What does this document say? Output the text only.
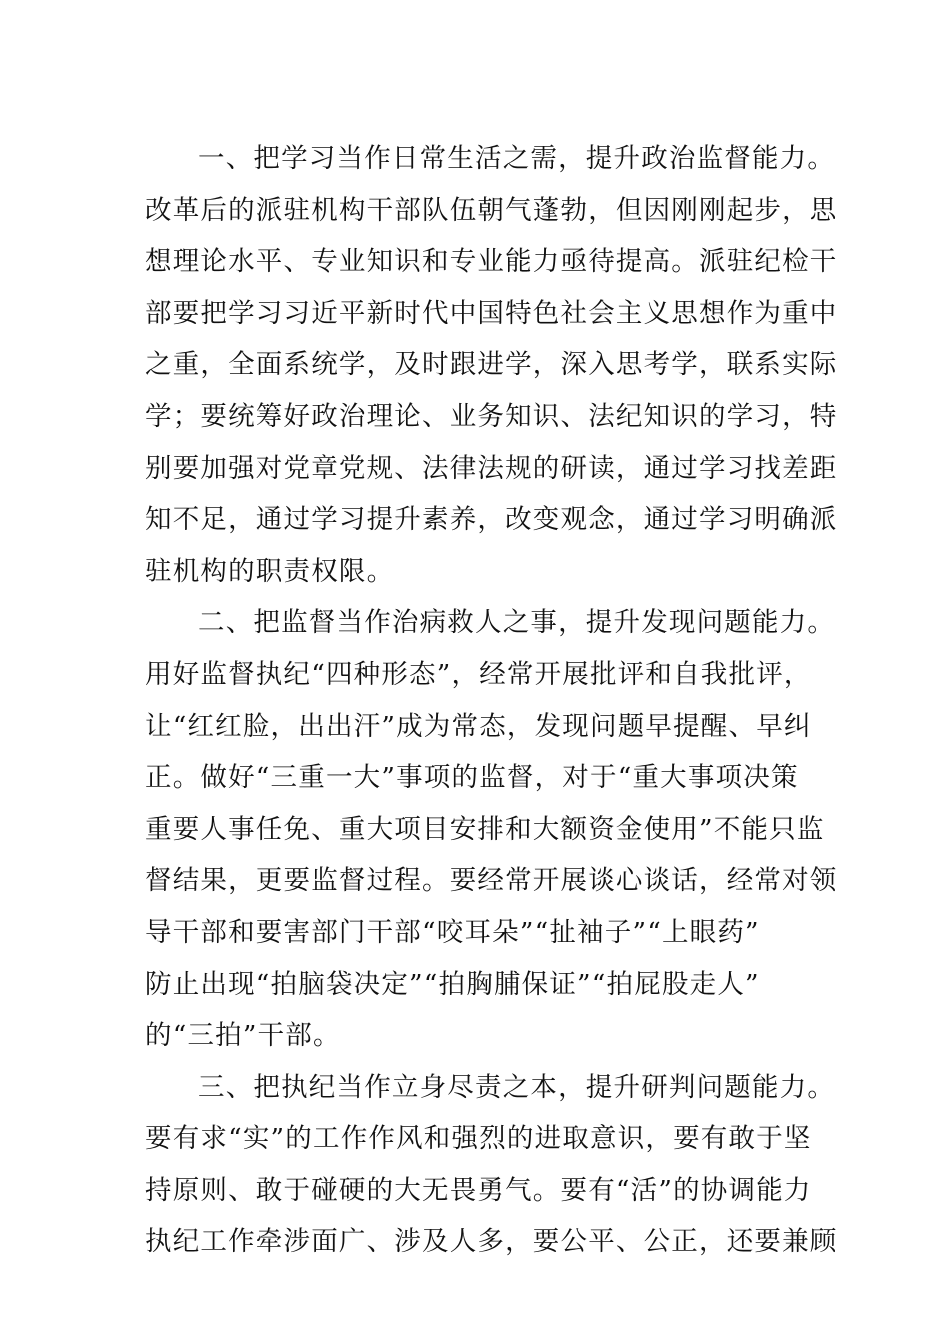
一、把学习当作日常生活之需，提升政治监督能力。
改革后的派驻机构干部队伍朝气蓬勃，但因刚刚起步，思
想理论水平、专业知识和专业能力亟待提高。派驻纪检干
部要把学习习近平新时代中国特色社会主义思想作为重中
之重，全面系统学，及时跟进学，深入思考学，联系实际
学；要统筹好政治理论、业务知识、法纪知识的学习，特
别要加强对党章党规、法律法规的研读，通过学习找差距
知不足，通过学习提升素养，改变观念，通过学习明确派
驻机构的职责权限。
二、把监督当作治病救人之事，提升发现问题能力。
用好监督执纪“四种形态”，经常开展批评和自我批评，
让“红红脸，出出汗”成为常态，发现问题早提醒、早纠
正。做好“三重一大”事项的监督，对于“重大事项决策
重要人事任免、重大项目安排和大额资金使用”不能只监
督结果，更要监督过程。要经常开展谈心谈话，经常对领
导干部和要害部门干部“咬耳朵”“扯袖子”“上眼药”
防止出现“拍脑袋决定”“拍胸脯保证”“拍屁股走人”
的“三拍”干部。
三、把执纪当作立身尽责之本，提升研判问题能力。
要有求“实”的工作作风和强烈的进取意识，要有敢于坚
持原则、敢于碰硬的大无畏勇气。要有“活”的协调能力
执纪工作牵涉面广、涉及人多，要公平、公正，还要兼顾
